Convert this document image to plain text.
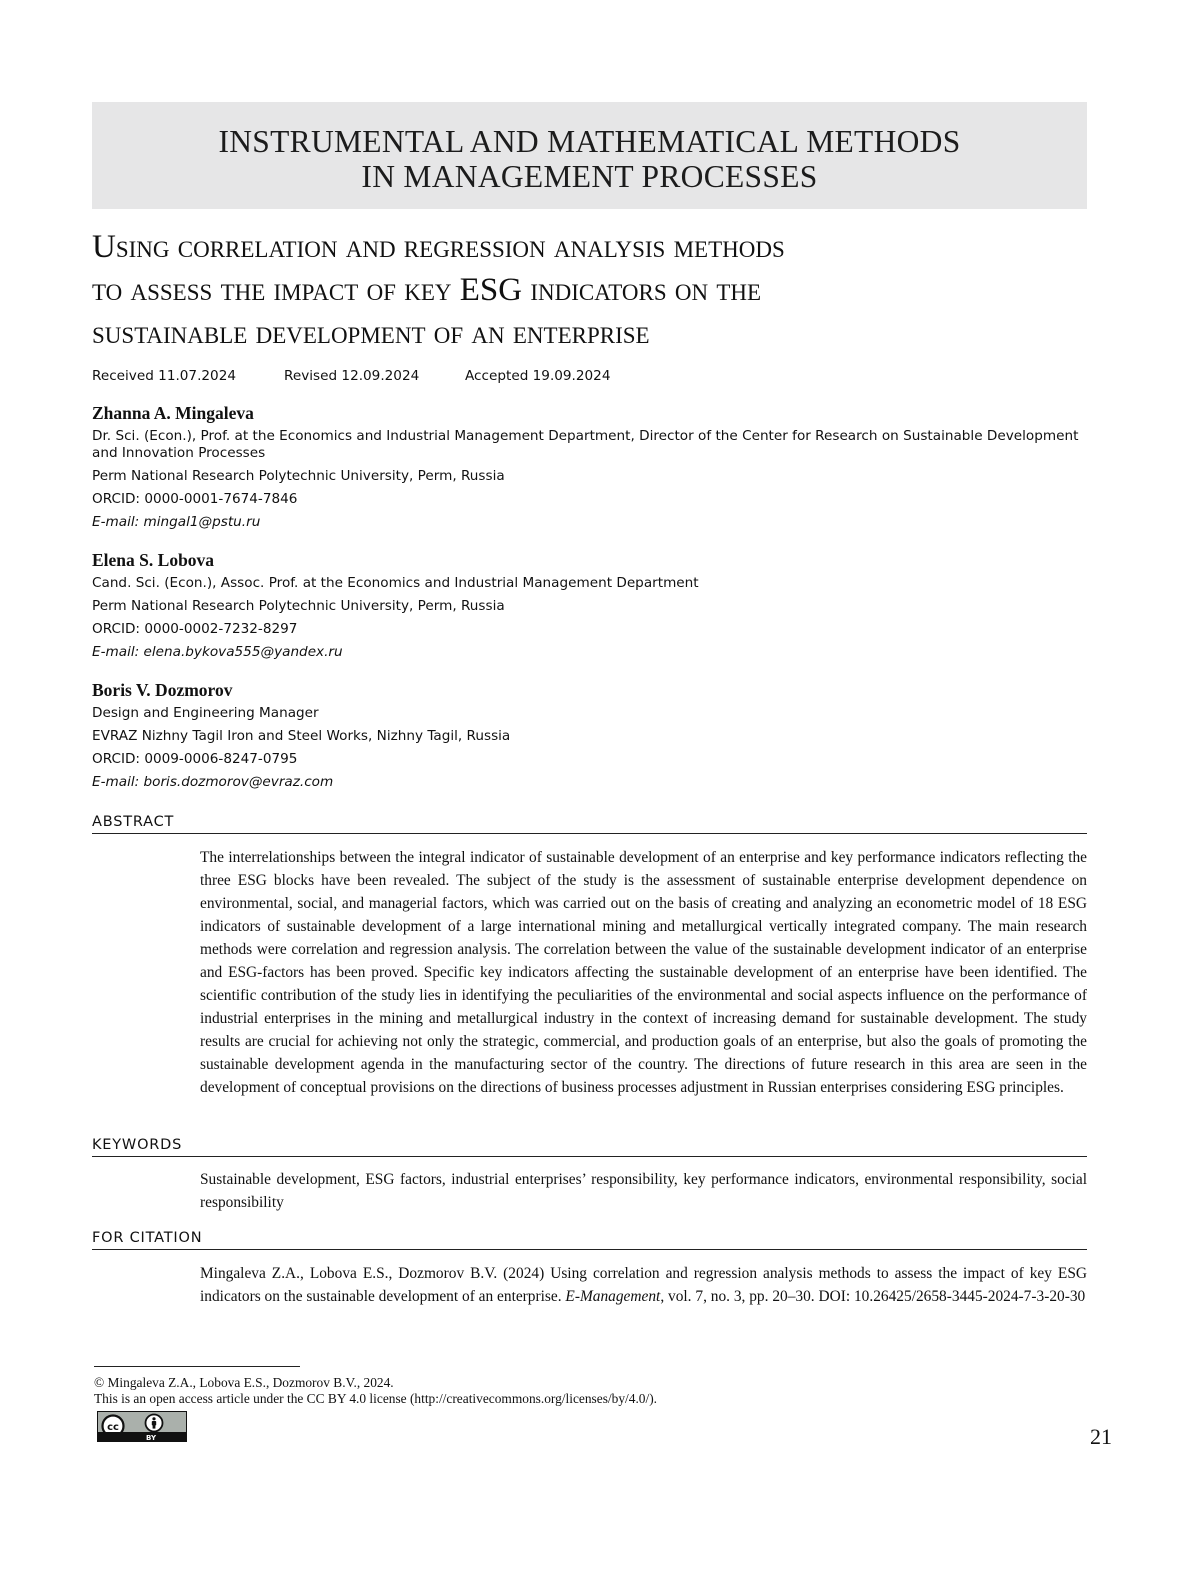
INSTRUMENTAL AND MATHEMATICAL METHODS
IN MANAGEMENT PROCESSES
Using correlation and regression analysis methods
to assess the impact of key ESG indicators on the
sustainable development of an enterprise
Received 11.07.2024	Revised 12.09.2024	Accepted 19.09.2024

Zhanna A. Mingaleva

Dr. Sci. (Econ.), Prof. at the Economics and Industrial Management Department, Director of the Center for Research on Sustainable Development and Innovation Processes

Perm National Research Polytechnic University, Perm, Russia

ORCID: 0000-0001-7674-7846

E-mail: mingal1@pstu.ru

Elena S. Lobova

Cand. Sci. (Econ.), Assoc. Prof. at the Economics and Industrial Management Department

Perm National Research Polytechnic University, Perm, Russia

ORCID: 0000-0002-7232-8297

E-mail: elena.bykova555@yandex.ru

Boris V. Dozmorov

Design and Engineering Manager

EVRAZ Nizhny Tagil Iron and Steel Works, Nizhny Tagil, Russia

ORCID: 0009-0006-8247-0795

E-mail: boris.dozmorov@evraz.com

ABSTRACT

The interrelationships between the integral indicator of sustainable development of an enterprise and key performance indicators reflecting the three ESG blocks have been revealed. The subject of the study is the assessment of sustainable enterprise development dependence on environmental, social, and managerial factors, which was carried out on the basis of creating and analyzing an econometric model of 18 ESG indicators of sustainable development of a large international mining and metallurgical vertically integrated company. The main research methods were correlation and regression analysis. The correlation between the value of the sustainable development indicator of an enterprise and ESG-factors has been proved. Specific key indicators affecting the sustainable development of an enterprise have been identified. The scientific contribution of the study lies in identifying the peculiarities of the environmental and social aspects influence on the performance of industrial enterprises in the mining and metallurgical industry in the context of increasing demand for sustainable development. The study results are crucial for achieving not only the strategic, commercial, and production goals of an enterprise, but also the goals of promoting the sustainable development agenda in the manufacturing sector of the country. The directions of future research in this area are seen in the development of conceptual provisions on the directions of business processes adjustment in Russian enterprises considering ESG principles.

KEYWORDS

Sustainable development, ESG factors, industrial enterprises’ responsibility, key performance indicators, environmental responsibility, social responsibility

FOR CITATION

Mingaleva Z.A., Lobova E.S., Dozmorov B.V. (2024) Using correlation and regression analysis methods to assess the impact of key ESG indicators on the sustainable development of an enterprise. E-Management, vol. 7, no. 3, pp. 20–30. DOI: 10.26425/2658-3445-2024-7-3-20-30

© Mingaleva Z.A., Lobova E.S., Dozmorov B.V., 2024.
This is an open access article under the CC BY 4.0 license (http://creativecommons.org/licenses/by/4.0/).
cc
BY	21
